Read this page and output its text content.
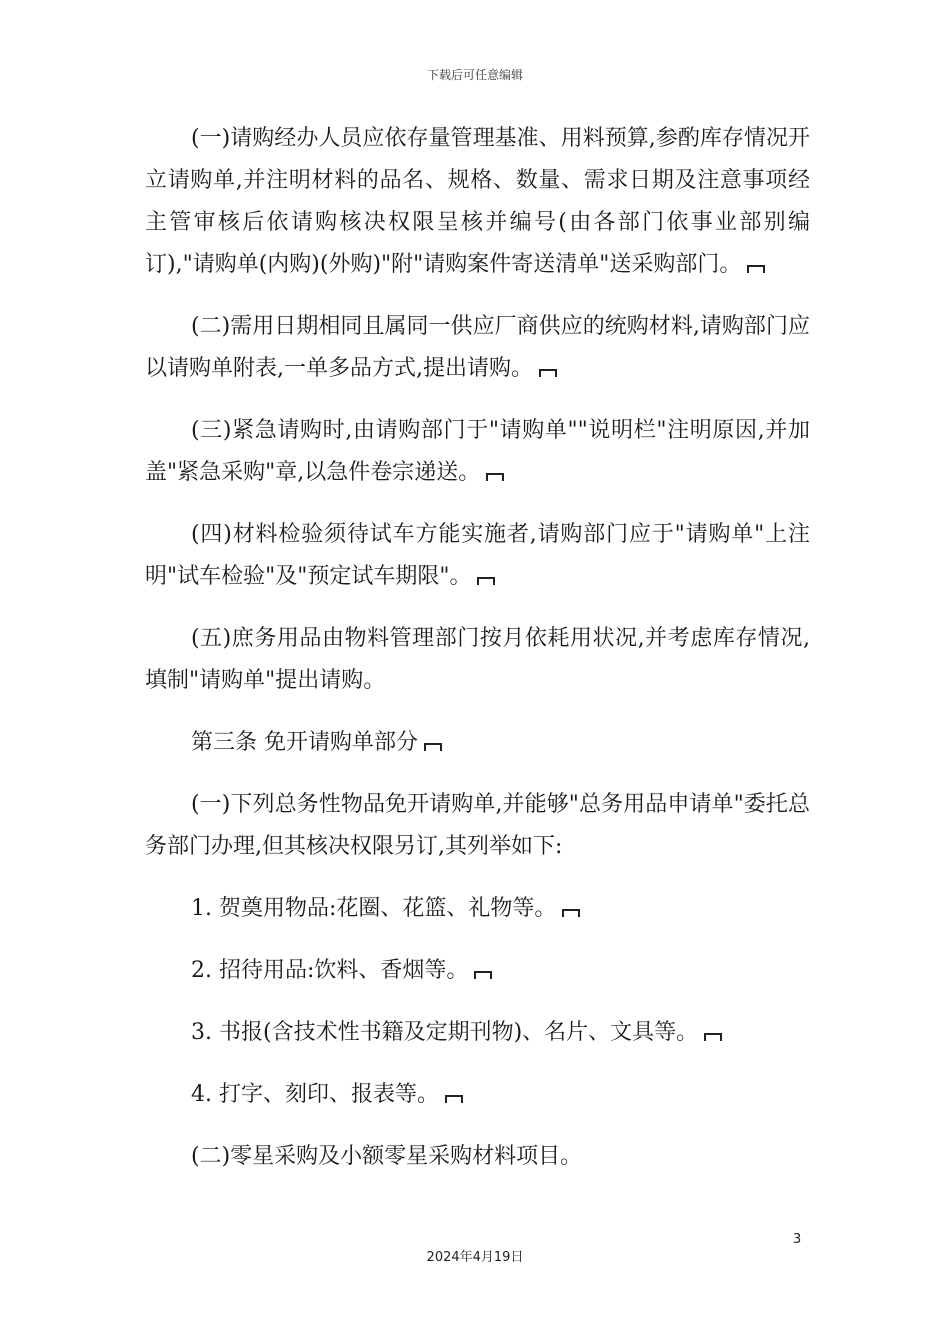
下载后可任意编辑

(一)请购经办人员应依存量管理基准、用料预算,参酌库存情况开立请购单,并注明材料的品名、规格、数量、需求日期及注意事项经主管审核后依请购核决权限呈核并编号(由各部门依事业部别编订),"请购单(内购)(外购)"附"请购案件寄送清单"送采购部门。

(二)需用日期相同且属同一供应厂商供应的统购材料,请购部门应以请购单附表,一单多品方式,提出请购。

(三)紧急请购时,由请购部门于"请购单""说明栏"注明原因,并加盖"紧急采购"章,以急件卷宗递送。

(四)材料检验须待试车方能实施者,请购部门应于"请购单"上注明"试车检验"及"预定试车期限"。

(五)庶务用品由物料管理部门按月依耗用状况,并考虑库存情况,填制"请购单"提出请购。

第三条 免开请购单部分

(一)下列总务性物品免开请购单,并能够"总务用品申请单"委托总务部门办理,但其核决权限另订,其列举如下:

1. 贺奠用物品:花圈、花篮、礼物等。

2. 招待用品:饮料、香烟等。

3. 书报(含技术性书籍及定期刊物)、名片、文具等。

4. 打字、刻印、报表等。

(二)零星采购及小额零星采购材料项目。

3
2024年4月19日
